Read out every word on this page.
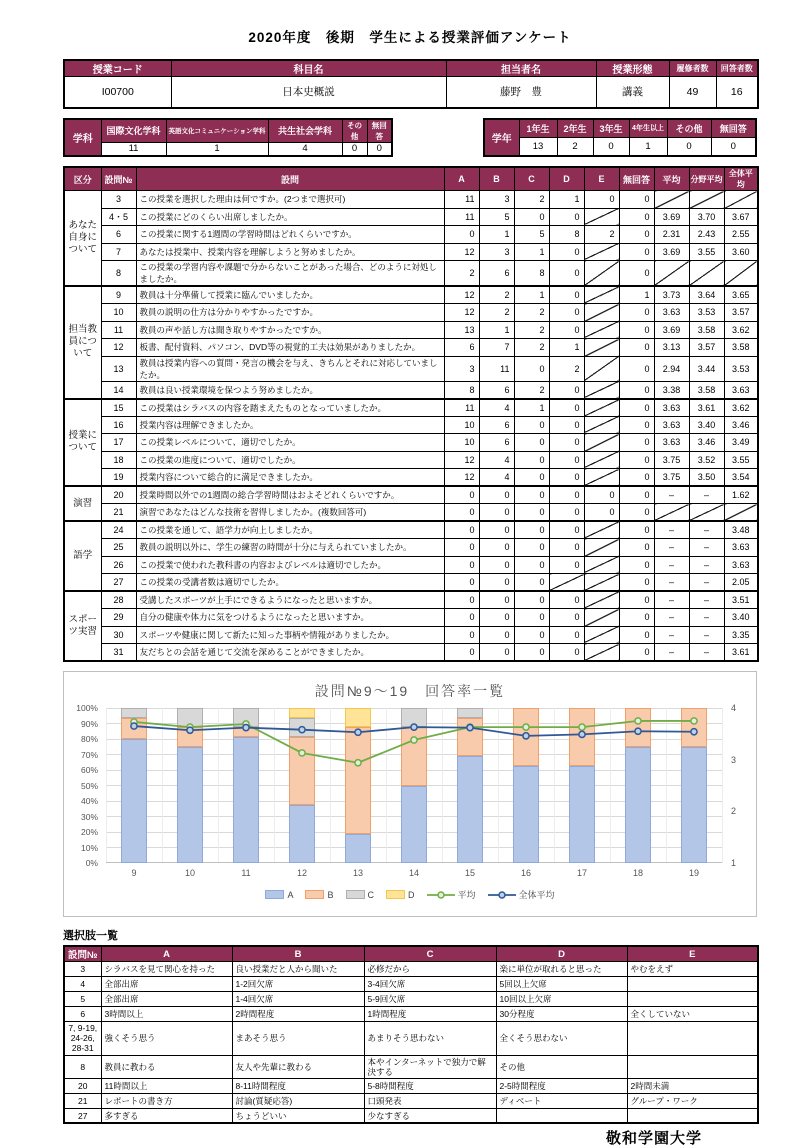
2020年度　後期　学生による授業評価アンケート
授業コード	科目名	担当者名	授業形態	履修者数	回答者数
I00700	日本史概説	藤野　豊	講義	49	16
学科	国際文化学科	英語文化コミュニケーション学科	共生社会学科	その他	無回答
	11	1	4	0	0
学年	1年生	2年生	3年生	4年生以上	その他	無回答
	13	2	0	1	0	0
区分	設問№	設問	A	B	C	D	E	無回答	平均	分野平均	全体平均
あなた自身について	3	この授業を選択した理由は何ですか。(2つまで選択可)	11	3	2	1	0	0			
	4・5	この授業にどのくらい出席しましたか。	11	5	0	0		0	3.69	3.70	3.67
	6	この授業に関する1週間の学習時間はどれくらいですか。	0	1	5	8	2	0	2.31	2.43	2.55
	7	あなたは授業中、授業内容を理解しようと努めましたか。	12	3	1	0		0	3.69	3.55	3.60
	8	この授業の学習内容や課題で分からないことがあった場合、どのように対処しましたか。	2	6	8	0		0			
担当教員について	9	教員は十分準備して授業に臨んでいましたか。	12	2	1	0		1	3.73	3.64	3.65
	10	教員の説明の仕方は分かりやすかったですか。	12	2	2	0		0	3.63	3.53	3.57
	11	教員の声や話し方は聞き取りやすかったですか。	13	1	2	0		0	3.69	3.58	3.62
	12	板書、配付資料、パソコン、DVD等の視覚的工夫は効果がありましたか。	6	7	2	1		0	3.13	3.57	3.58
	13	教員は授業内容への質問・発言の機会を与え、きちんとそれに対応していましたか。	3	11	0	2		0	2.94	3.44	3.53
	14	教員は良い授業環境を保つよう努めましたか。	8	6	2	0		0	3.38	3.58	3.63
授業について	15	この授業はシラバスの内容を踏まえたものとなっていましたか。	11	4	1	0		0	3.63	3.61	3.62
	16	授業内容は理解できましたか。	10	6	0	0		0	3.63	3.40	3.46
	17	この授業レベルについて、適切でしたか。	10	6	0	0		0	3.63	3.46	3.49
	18	この授業の進度について、適切でしたか。	12	4	0	0		0	3.75	3.52	3.55
	19	授業内容について総合的に満足できましたか。	12	4	0	0		0	3.75	3.50	3.54
演習	20	授業時間以外での1週間の総合学習時間はおよそどれくらいですか。	0	0	0	0	0	0	–	–	1.62
	21	演習であなたはどんな技術を習得しましたか。(複数回答可)	0	0	0	0	0	0			
語学	24	この授業を通して、語学力が向上しましたか。	0	0	0	0		0	–	–	3.48
	25	教員の説明以外に、学生の練習の時間が十分に与えられていましたか。	0	0	0	0		0	–	–	3.63
	26	この授業で使われた教科書の内容およびレベルは適切でしたか。	0	0	0	0		0	–	–	3.63
	27	この授業の受講者数は適切でしたか。	0	0	0			0	–	–	2.05
スポーツ実習	28	受講したスポーツが上手にできるようになったと思いますか。	0	0	0	0		0	–	–	3.51
	29	自分の健康や体力に気をつけるようになったと思いますか。	0	0	0	0		0	–	–	3.40
	30	スポーツや健康に関して新たに知った事柄や情報がありましたか。	0	0	0	0		0	–	–	3.35
	31	友だちとの会話を通じて交流を深めることができましたか。	0	0	0	0		0	–	–	3.61
設問№9～19　回答率一覧
0%
10%
20%
30%
40%
50%
60%
70%
80%
90%
100%
1
2
3
4
9	10	11	12	13	14	15	16	17	18	19
A	B	C	D	平均	全体平均
選択肢一覧
設問№	A	B	C	D	E
3	シラバスを見て関心を持った	良い授業だと人から聞いた	必修だから	楽に単位が取れると思った	やむをえず
4	全部出席	1-2回欠席	3-4回欠席	5回以上欠席	
5	全部出席	1-4回欠席	5-9回欠席	10回以上欠席	
6	3時間以上	2時間程度	1時間程度	30分程度	全くしていない
7, 9-19, 24-26, 28-31	強くそう思う	まあそう思う	あまりそう思わない	全くそう思わない	
8	教員に教わる	友人や先輩に教わる	本やインターネットで独力で解決する	その他	
20	11時間以上	8-11時間程度	5-8時間程度	2-5時間程度	2時間未満
21	レポートの書き方	討論(質疑応答)	口頭発表	ディベート	グループ・ワーク
27	多すぎる	ちょうどいい	少なすぎる		
敬和学園大学
